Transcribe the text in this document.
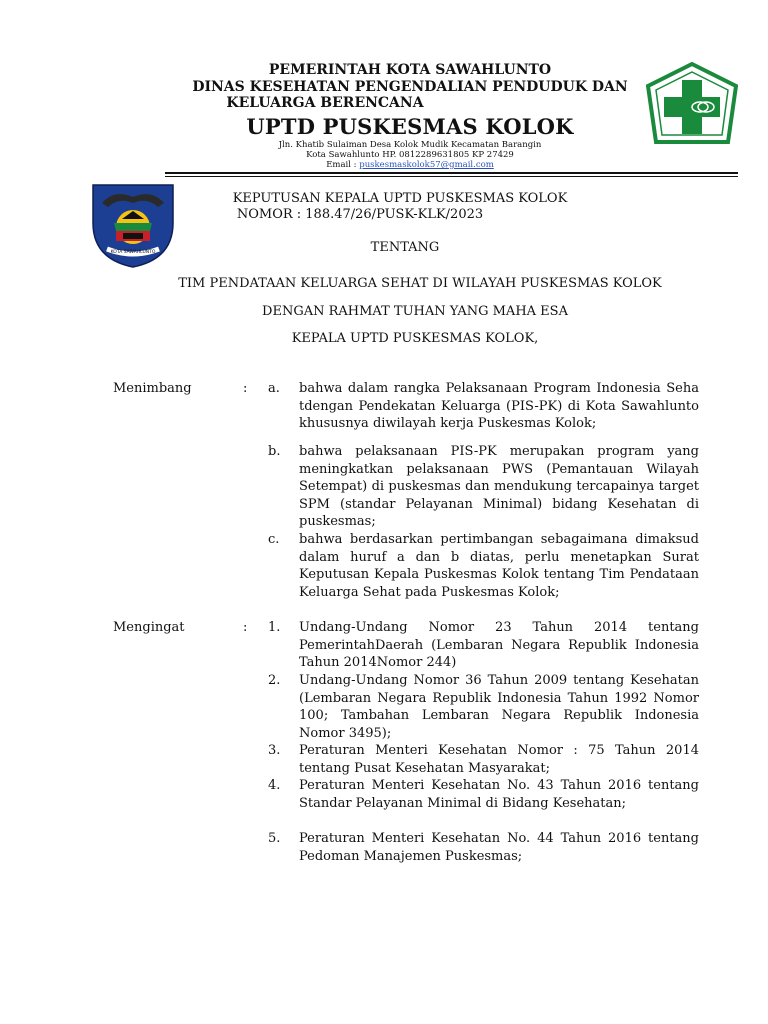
PEMERINTAH KOTA SAWAHLUNTO
DINAS KESEHATAN PENGENDALIAN PENDUDUK DAN
KELUARGA BERENCANA
UPTD PUSKESMAS KOLOK
Jln. Khatib Sulaiman Desa Kolok Mudik Kecamatan Barangin
Kota Sawahlunto HP. 0812289631805 KP 27429
Email : puskesmaskolok57@gmail.com
KOTA SAWAHLUNTO
KEPUTUSAN KEPALA UPTD PUSKESMAS KOLOK
NOMOR : 188.47/26/PUSK-KLK/2023
TENTANG
TIM PENDATAAN KELUARGA SEHAT DI WILAYAH PUSKESMAS KOLOK
DENGAN RAHMAT TUHAN YANG MAHA ESA
KEPALA UPTD PUSKESMAS KOLOK,
Menimbang	: a. bahwa dalam rangka Pelaksanaan Program Indonesia Seha tdengan Pendekatan Keluarga (PIS-PK) di Kota Sawahlunto khususnya diwilayah kerja Puskesmas Kolok;
b. bahwa pelaksanaan PIS-PK merupakan program yang meningkatkan pelaksanaan PWS (Pemantauan Wilayah Setempat) di puskesmas dan mendukung tercapainya target SPM (standar Pelayanan Minimal) bidang Kesehatan di puskesmas;
c. bahwa berdasarkan pertimbangan sebagaimana dimaksud dalam huruf a dan b diatas, perlu menetapkan Surat Keputusan Kepala Puskesmas Kolok tentang Tim Pendataan Keluarga Sehat pada Puskesmas Kolok;
Mengingat	: 1. Undang-Undang Nomor 23 Tahun 2014 tentang PemerintahDaerah (Lembaran Negara Republik Indonesia Tahun 2014Nomor 244)
2. Undang-Undang Nomor 36 Tahun 2009 tentang Kesehatan (Lembaran Negara Republik Indonesia Tahun 1992 Nomor 100; Tambahan Lembaran Negara Republik Indonesia Nomor 3495);
3. Peraturan Menteri Kesehatan Nomor : 75 Tahun 2014 tentang Pusat Kesehatan Masyarakat;
4. Peraturan Menteri Kesehatan No. 43 Tahun 2016 tentang Standar Pelayanan Minimal di Bidang Kesehatan;
5. Peraturan Menteri Kesehatan No. 44 Tahun 2016 tentang Pedoman Manajemen Puskesmas;
